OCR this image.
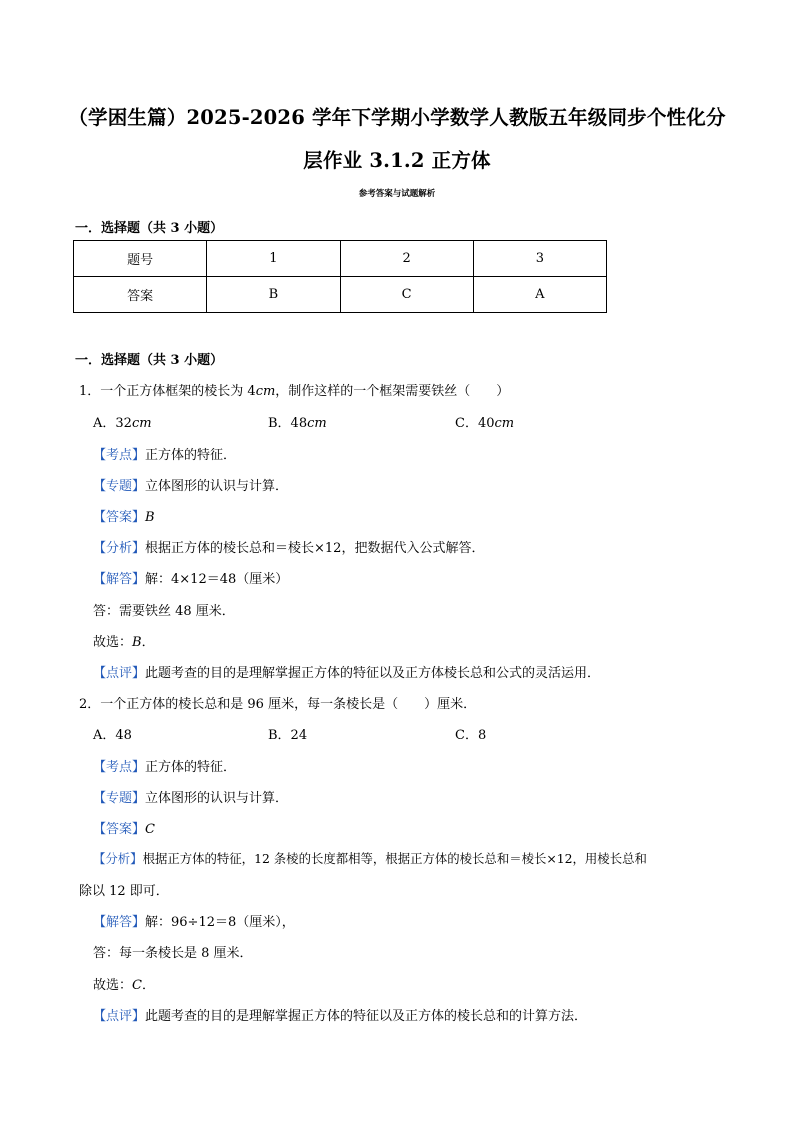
（学困生篇）2025-2026 学年下学期小学数学人教版五年级同步个性化分
层作业 3.1.2 正方体
参考答案与试题解析
一．选择题（共 3 小题）
题号	1	2	3
答案	B	C	A
一．选择题（共 3 小题）
1．一个正方体框架的棱长为 4cm，制作这样的一个框架需要铁丝（　　）
A．32cm	B．48cm	C．40cm
【考点】正方体的特征．
【专题】立体图形的认识与计算．
【答案】B
【分析】根据正方体的棱长总和＝棱长×12，把数据代入公式解答．
【解答】解：4×12＝48（厘米）
答：需要铁丝 48 厘米．
故选：B．
【点评】此题考查的目的是理解掌握正方体的特征以及正方体棱长总和公式的灵活运用．
2．一个正方体的棱长总和是 96 厘米，每一条棱长是（　　）厘米．
A．48	B．24	C．8
【考点】正方体的特征．
【专题】立体图形的认识与计算．
【答案】C
【分析】根据正方体的特征，12 条棱的长度都相等，根据正方体的棱长总和＝棱长×12，用棱长总和
除以 12 即可．
【解答】解：96÷12＝8（厘米），
答：每一条棱长是 8 厘米．
故选：C．
【点评】此题考查的目的是理解掌握正方体的特征以及正方体的棱长总和的计算方法．
